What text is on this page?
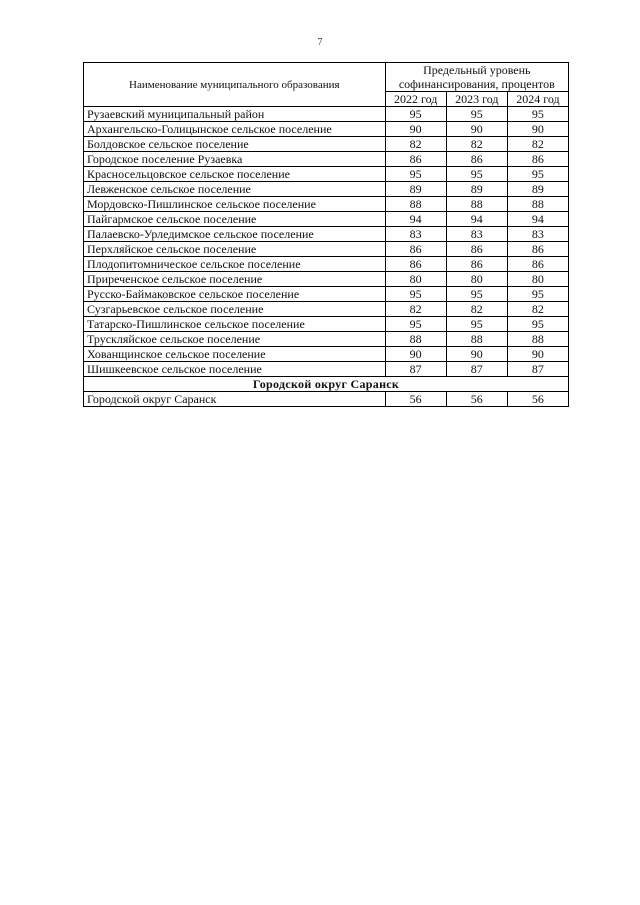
7
Наименование муниципального образования	Предельный уровень софинансирования, процентов		
	2022 год	2023 год	2024 год
Рузаевский муниципальный район	95	95	95
Архангельско-Голицынское сельское поселение	90	90	90
Болдовское сельское поселение	82	82	82
Городское поселение Рузаевка	86	86	86
Красносельцовское сельское поселение	95	95	95
Левженское сельское поселение	89	89	89
Мордовско-Пишлинское сельское поселение	88	88	88
Пайгармское сельское поселение	94	94	94
Палаевско-Урледимское сельское поселение	83	83	83
Перхляйское сельское поселение	86	86	86
Плодопитомническое сельское поселение	86	86	86
Приреченское сельское поселение	80	80	80
Русско-Баймаковское сельское поселение	95	95	95
Сузгарьевское сельское поселение	82	82	82
Татарско-Пишлинское сельское поселение	95	95	95
Трускляйское сельское поселение	88	88	88
Хованщинское сельское поселение	90	90	90
Шишкеевское сельское поселение	87	87	87
Городской округ Саранск			
Городской округ Саранск	56	56	56
